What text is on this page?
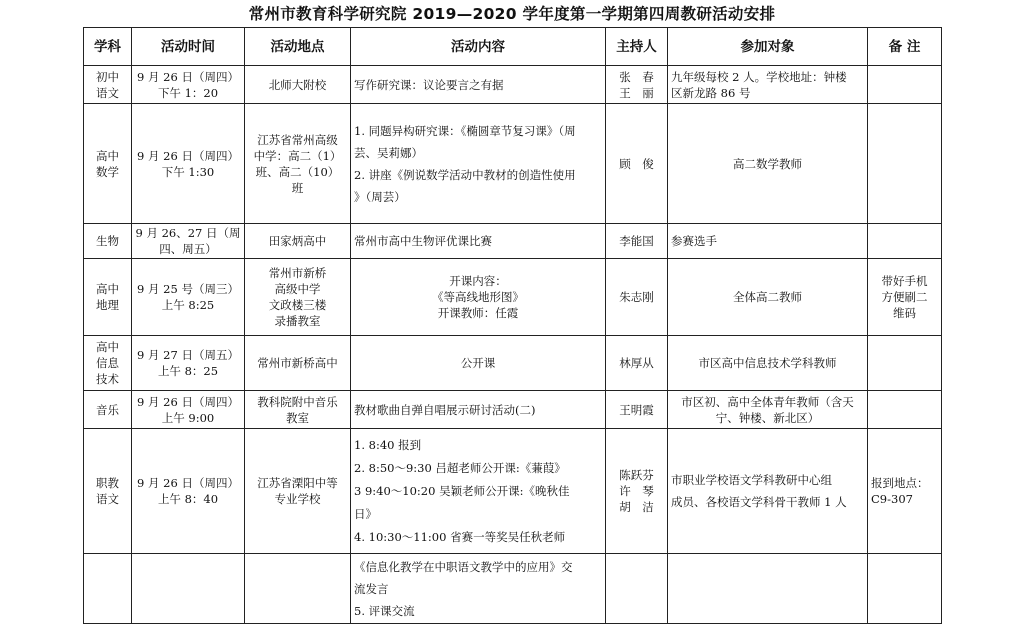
常州市教育科学研究院 2019—2020 学年度第一学期第四周教研活动安排
学科	活动时间	活动地点	活动内容	主持人	参加对象	备 注

初中
语文	9 月 26 日（周四）
下午 1：20	北师大附校	写作研究课：议论要言之有据	张　春
王　丽	九年级每校 2 人。学校地址：钟楼
区新龙路 86 号	

高中
数学	9 月 26 日（周四）
下午 1:30	江苏省常州高级
中学：高二（1）
班、高二（10）
班	1. 同题异构研究课：《椭圆章节复习课》（周
芸、吴莉娜）
2. 讲座《例说数学活动中教材的创造性使用
》（周芸）	顾　俊	高二数学教师	

生物	9 月 26、27 日（周
四、周五）	田家炳高中	常州市高中生物评优课比赛	李能国	参赛选手	

高中
地理	9 月 25 号（周三）
上午 8:25	常州市新桥
高级中学
文政楼三楼
录播教室	开课内容：
《等高线地形图》
开课教师：任霞	朱志刚	全体高二教师	带好手机
方便刷二
维码

高中
信息
技术	9 月 27 日（周五）
上午 8：25	常州市新桥高中	公开课	林厚从	市区高中信息技术学科教师	

音乐	9 月 26 日（周四）
上午 9:00	教科院附中音乐
教室	教材歌曲自弹自唱展示研讨活动(二)	王明霞	市区初、高中全体青年教师（含天
宁、钟楼、新北区）	

职教
语文	9 月 26 日（周四）
上午 8：40	江苏省溧阳中等
专业学校	1. 8:40 报到
2. 8:50～9:30 吕超老师公开课:《蒹葭》
3 9:40～10:20 吴颖老师公开课:《晚秋佳
日》
4. 10:30～11:00 省赛一等奖吴任秋老师	陈跃芬
许　琴
胡　洁	市职业学校语文学科教研中心组
成员、各校语文学科骨干教师 1 人	报到地点：
C9-307

			《信息化教学在中职语文教学中的应用》交
流发言
5. 评课交流			
